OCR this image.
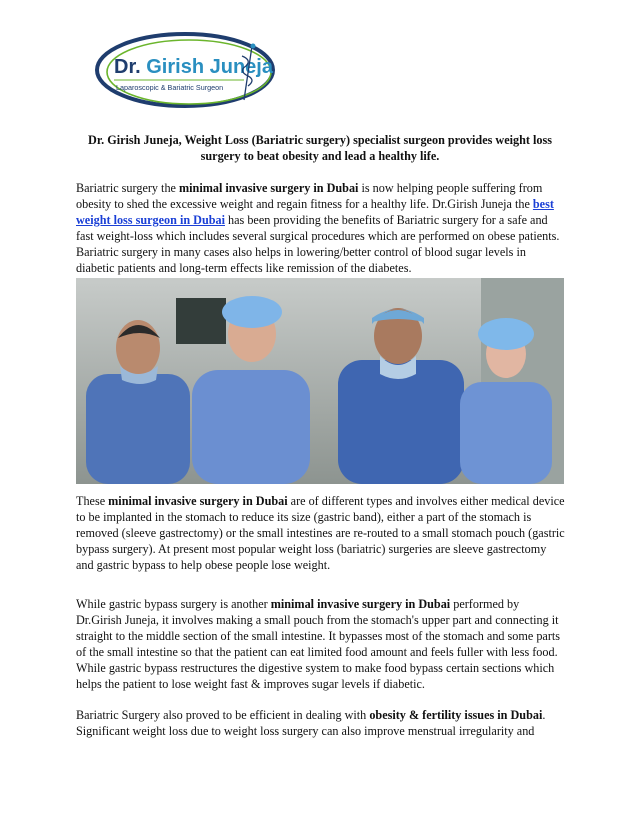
Dr. Girish Juneja
Laparoscopic & Bariatric Surgeon
Dr. Girish Juneja, Weight Loss (Bariatric surgery) specialist surgeon provides weight loss surgery to beat obesity and lead a healthy life.

Bariatric surgery the minimal invasive surgery in Dubai is now helping people suffering from obesity to shed the excessive weight and regain fitness for a healthy life. Dr.Girish Juneja the best weight loss surgeon in Dubai has been providing the benefits of Bariatric surgery for a safe and fast weight-loss which includes several surgical procedures which are performed on obese patients. Bariatric surgery in many cases also helps in lowering/better control of blood sugar levels in diabetic patients and long-term effects like remission of the diabetes.

These minimal invasive surgery in Dubai are of different types and involves either medical device to be implanted in the stomach to reduce its size (gastric band), either a part of the stomach is removed (sleeve gastrectomy) or the small intestines are re-routed to a small stomach pouch (gastric bypass surgery). At present most popular weight loss (bariatric) surgeries are sleeve gastrectomy and gastric bypass to help obese people lose weight.

While gastric bypass surgery is another minimal invasive surgery in Dubai performed by Dr.Girish Juneja, it involves making a small pouch from the stomach's upper part and connecting it straight to the middle section of the small intestine. It bypasses most of the stomach and some parts of the small intestine so that the patient can eat limited food amount and feels fuller with less food. While gastric bypass restructures the digestive system to make food bypass certain sections which helps the patient to lose weight fast & improves sugar levels if diabetic.

Bariatric Surgery also proved to be efficient in dealing with obesity & fertility issues in Dubai. Significant weight loss due to weight loss surgery can also improve menstrual irregularity and
